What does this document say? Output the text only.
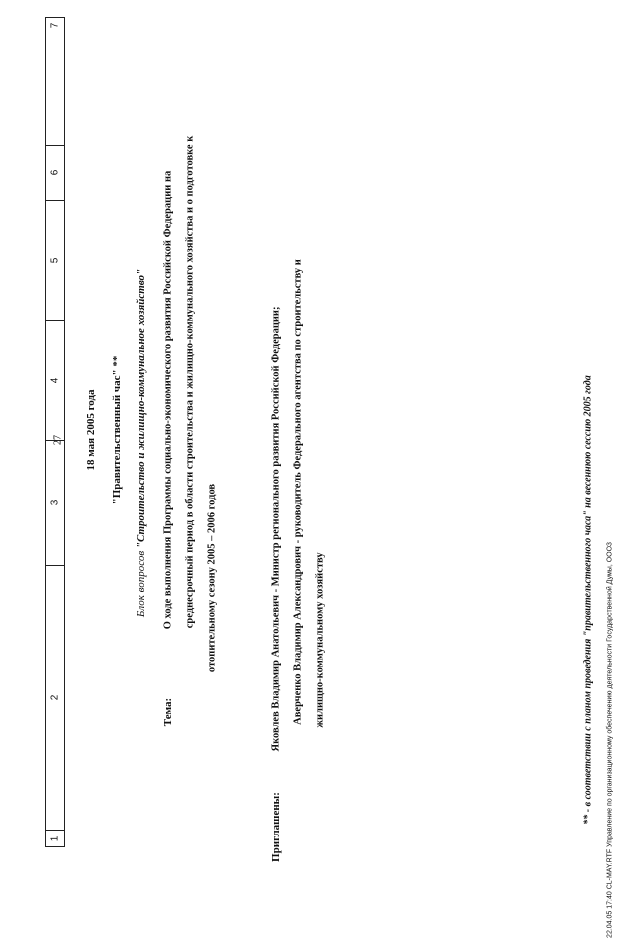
7
6
5
4
3
2
1
27 18 мая 2005 года "Правительственный час" **
Блок вопросов "Строительство и жилищно-коммунальное хозяйство"
Тема:
О ходе выполнения Программы социально-экономического развития Российской Федерации на среднесрочный период в области строительства и жилищно-коммунального хозяйства и о подготовке к отопительному сезону 2005 – 2006 годов
Приглашены:
Яковлев Владимир Анатольевич - Министр регионального развития Российской Федерации; Аверченко Владимир Александрович - руководитель Федерального агентства по строительству и жилищно-коммунальному хозяйству	** - в соответствии с планом проведения "правительственного часа" на весеннюю сессию 2005 года 22.04.05 17:40 CL-MAY.RTF Управление по организационному обеспечению деятельности Государственной Думы, ООО3
